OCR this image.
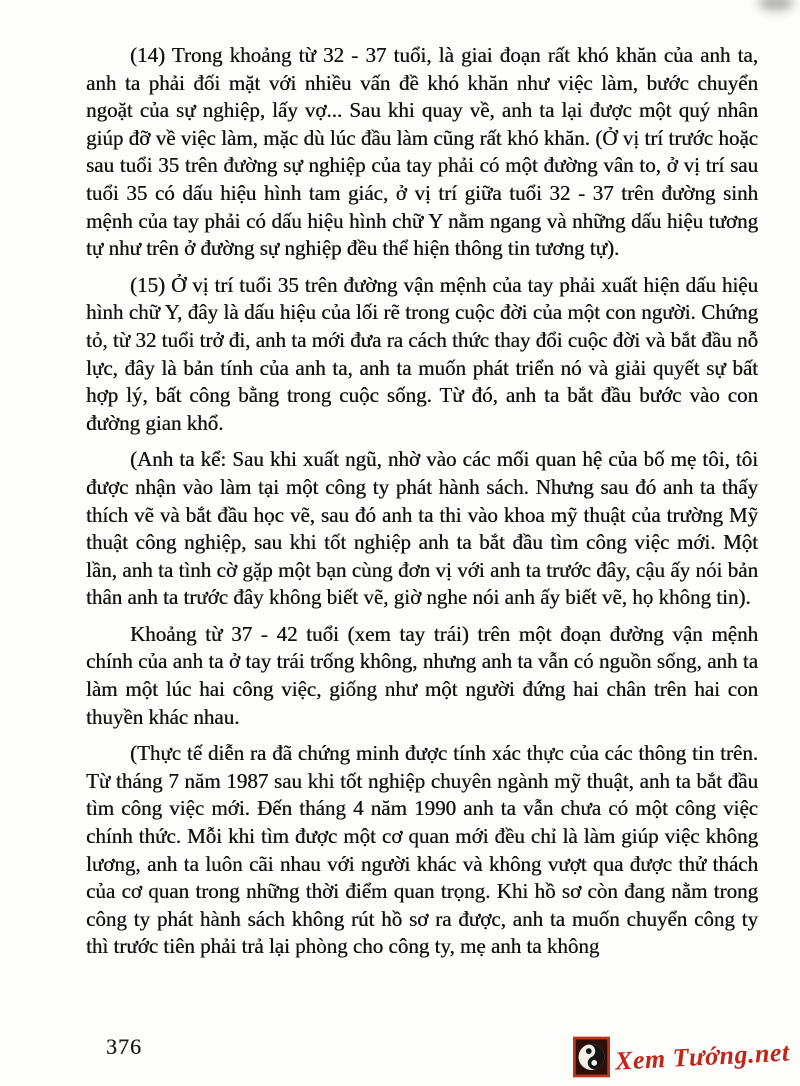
(14) Trong khoảng từ 32 - 37 tuổi, là giai đoạn rất khó khăn của anh ta, anh ta phải đối mặt với nhiều vấn đề khó khăn như việc làm, bước chuyển ngoặt của sự nghiệp, lấy vợ... Sau khi quay về, anh ta lại được một quý nhân giúp đỡ về việc làm, mặc dù lúc đầu làm cũng rất khó khăn. (Ở vị trí trước hoặc sau tuổi 35 trên đường sự nghiệp của tay phải có một đường vân to, ở vị trí sau tuổi 35 có dấu hiệu hình tam giác, ở vị trí giữa tuổi 32 - 37 trên đường sinh mệnh của tay phải có dấu hiệu hình chữ Y nằm ngang và những dấu hiệu tương tự như trên ở đường sự nghiệp đều thể hiện thông tin tương tự).

(15) Ở vị trí tuổi 35 trên đường vận mệnh của tay phải xuất hiện dấu hiệu hình chữ Y, đây là dấu hiệu của lối rẽ trong cuộc đời của một con người. Chứng tỏ, từ 32 tuổi trở đi, anh ta mới đưa ra cách thức thay đổi cuộc đời và bắt đầu nỗ lực, đây là bản tính của anh ta, anh ta muốn phát triển nó và giải quyết sự bất hợp lý, bất công bằng trong cuộc sống. Từ đó, anh ta bắt đầu bước vào con đường gian khổ.

(Anh ta kể: Sau khi xuất ngũ, nhờ vào các mối quan hệ của bố mẹ tôi, tôi được nhận vào làm tại một công ty phát hành sách. Nhưng sau đó anh ta thấy thích vẽ và bắt đầu học vẽ, sau đó anh ta thi vào khoa mỹ thuật của trường Mỹ thuật công nghiệp, sau khi tốt nghiệp anh ta bắt đầu tìm công việc mới. Một lần, anh ta tình cờ gặp một bạn cùng đơn vị với anh ta trước đây, cậu ấy nói bản thân anh ta trước đây không biết vẽ, giờ nghe nói anh ấy biết vẽ, họ không tin).

Khoảng từ 37 - 42 tuổi (xem tay trái) trên một đoạn đường vận mệnh chính của anh ta ở tay trái trống không, nhưng anh ta vẫn có nguồn sống, anh ta làm một lúc hai công việc, giống như một người đứng hai chân trên hai con thuyền khác nhau.

(Thực tế diễn ra đã chứng minh được tính xác thực của các thông tin trên. Từ tháng 7 năm 1987 sau khi tốt nghiệp chuyên ngành mỹ thuật, anh ta bắt đầu tìm công việc mới. Đến tháng 4 năm 1990 anh ta vẫn chưa có một công việc chính thức. Mỗi khi tìm được một cơ quan mới đều chỉ là làm giúp việc không lương, anh ta luôn cãi nhau với người khác và không vượt qua được thử thách của cơ quan trong những thời điểm quan trọng. Khi hồ sơ còn đang nằm trong công ty phát hành sách không rút hồ sơ ra được, anh ta muốn chuyển công ty thì trước tiên phải trả lại phòng cho công ty, mẹ anh ta không

376	Xem Tướng.net
